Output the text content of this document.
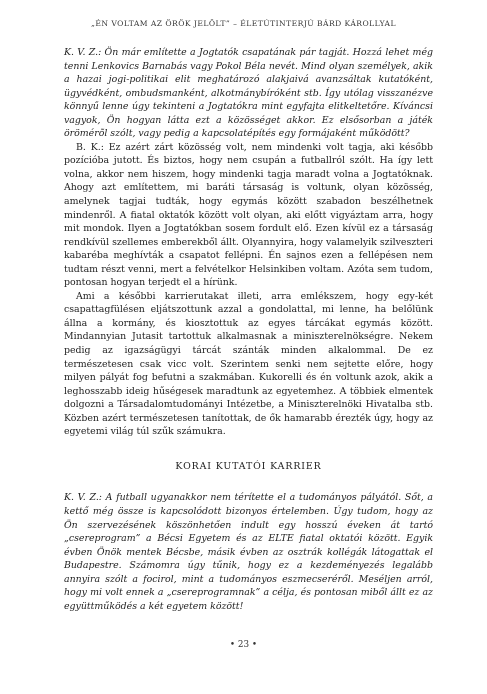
„ÉN VOLTAM AZ ÖRÖK JELÖLT” – ÉLETÚTINTERJÚ BÁRD KÁROLLYAL

K. V. Z.: Ön már említette a Jogtatók csapatának pár tagját. Hozzá lehet még tenni Lenkovics Barnabás vagy Pokol Béla nevét. Mind olyan személyek, akik a hazai jogi-politikai elit meghatározó alakjaivá avanzsáltak kutatóként, ügyvédként, ombudsmanként, alkotmánybíróként stb. Így utólag visszanézve könnyű lenne úgy tekinteni a Jogtatókra mint egyfajta elitkeltetőre. Kíváncsi vagyok, Ön hogyan látta ezt a közösséget akkor. Ez elsősorban a játék örömérõl szólt, vagy pedig a kapcsolatépítés egy formájaként működött?

B. K.: Ez azért zárt közösség volt, nem mindenki volt tagja, aki később pozícióba jutott. És biztos, hogy nem csupán a futballról szólt. Ha így lett volna, akkor nem hiszem, hogy mindenki tagja maradt volna a Jogtatóknak. Ahogy azt említettem, mi baráti társaság is voltunk, olyan közösség, amelynek tagjai tudták, hogy egymás között szabadon beszélhetnek mindenről. A fiatal oktatók között volt olyan, aki előtt vigyáztam arra, hogy mit mondok. Ilyen a Jogtatókban sosem fordult elő. Ezen kívül ez a társaság rendkívül szellemes emberekből állt. Olyannyira, hogy valamelyik szilveszteri kabaréba meghívták a csapatot fellépni. Én sajnos ezen a fellépésen nem tudtam részt venni, mert a felvételkor Helsinkiben voltam. Azóta sem tudom, pontosan hogyan terjedt el a hírünk.

Ami a későbbi karrierutakat illeti, arra emlékszem, hogy egy-két csapattagfülésen eljátszottunk azzal a gondolattal, mi lenne, ha belőlünk állna a kormány, és kiosztottuk az egyes tárcákat egymás között. Mindannyian Jutasit tartottuk alkalmasnak a miniszterelnökségre. Nekem pedig az igazságügyi tárcát szánták minden alkalommal. De ez természetesen csak vicc volt. Szerintem senki nem sejtette előre, hogy milyen pályát fog befutni a szakmában. Kukorelli és én voltunk azok, akik a leghosszabb ideig hűségesek maradtunk az egyetemhez. A többiek elmentek dolgozni a Társadalomtudományi Intézetbe, a Miniszterelnöki Hivatalba stb. Közben azért természetesen tanítottak, de ők hamarabb érezték úgy, hogy az egyetemi világ túl szűk számukra.

KORAI KUTATÓI KARRIER

K. V. Z.: A futball ugyanakkor nem térítette el a tudományos pályától. Sőt, a kettő még össze is kapcsolódott bizonyos értelemben. Úgy tudom, hogy az Ön szervezésének köszönhetően indult egy hosszú éveken át tartó „csereprogram” a Bécsi Egyetem és az ELTE fiatal oktatói között. Egyik évben Önök mentek Bécsbe, másik évben az osztrák kollégák látogattak el Budapestre. Számomra úgy tűnik, hogy ez a kezdeményezés legalább annyira szólt a focirol, mint a tudományos eszmecseréről. Meséljen arról, hogy mi volt ennek a „csereprogramnak” a célja, és pontosan miből állt ez az együttműködés a két egyetem között!

• 23 •
